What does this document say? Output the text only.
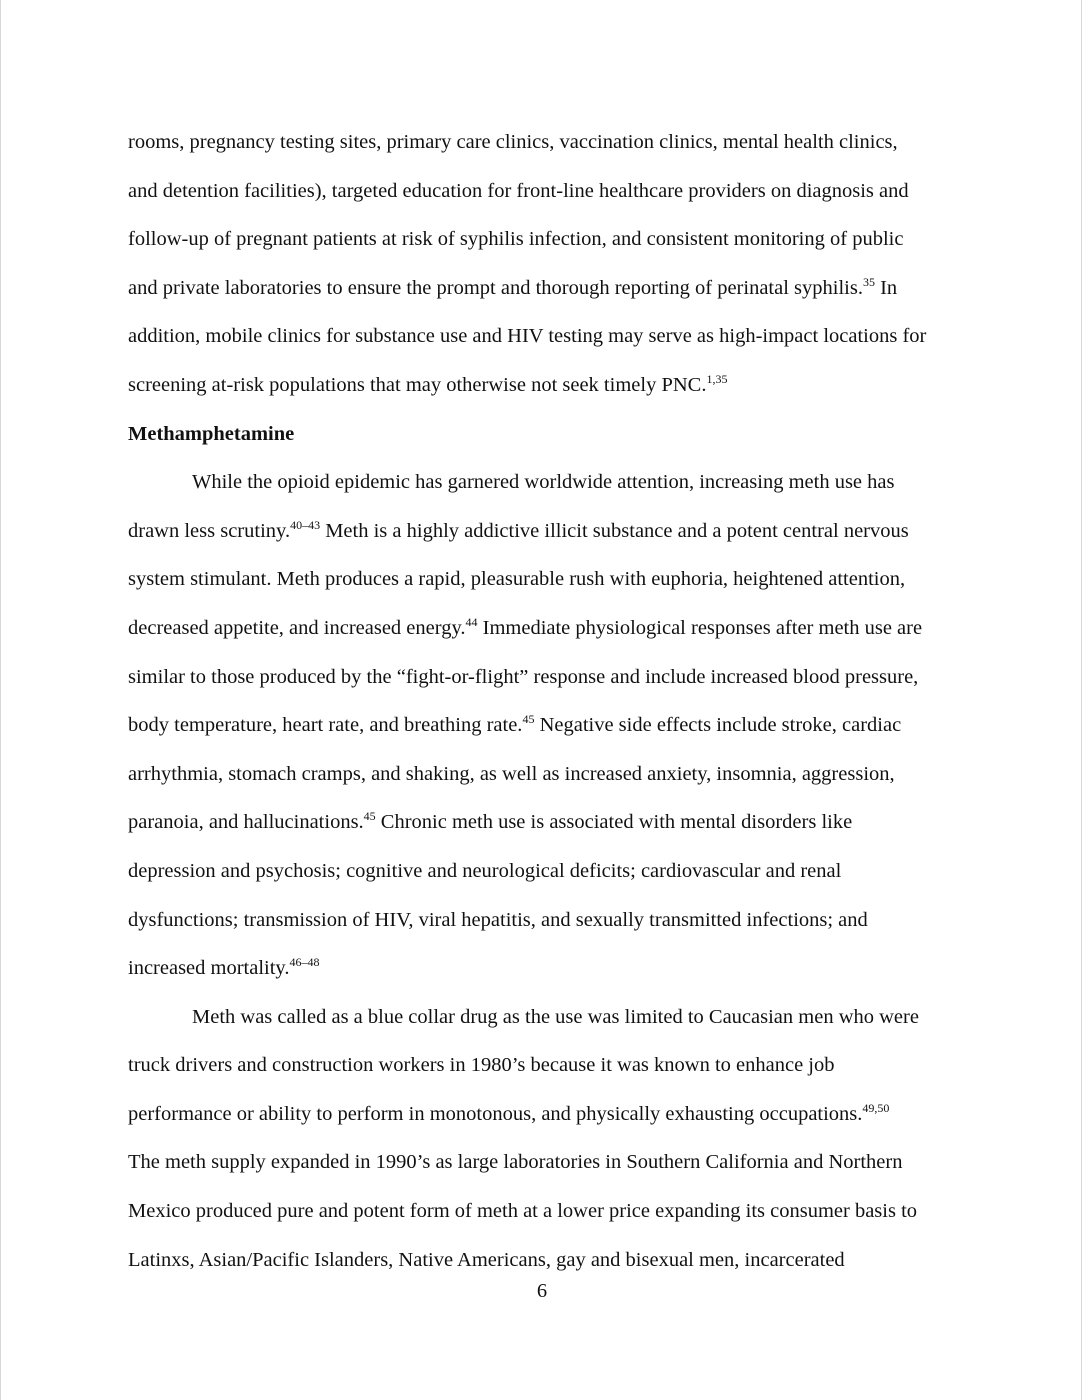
rooms, pregnancy testing sites, primary care clinics, vaccination clinics, mental health clinics,
and detention facilities), targeted education for front-line healthcare providers on diagnosis and
follow-up of pregnant patients at risk of syphilis infection, and consistent monitoring of public
and private laboratories to ensure the prompt and thorough reporting of perinatal syphilis.$^{35}$ In
addition, mobile clinics for substance use and HIV testing may serve as high-impact locations for
screening at-risk populations that may otherwise not seek timely PNC.$^{1,35}$
Methamphetamine
While the opioid epidemic has garnered worldwide attention, increasing meth use has
drawn less scrutiny.$^{40-43}$ Meth is a highly addictive illicit substance and a potent central nervous
system stimulant. Meth produces a rapid, pleasurable rush with euphoria, heightened attention,
decreased appetite, and increased energy.$^{44}$ Immediate physiological responses after meth use are
similar to those produced by the “fight-or-flight” response and include increased blood pressure,
body temperature, heart rate, and breathing rate.$^{45}$ Negative side effects include stroke, cardiac
arrhythmia, stomach cramps, and shaking, as well as increased anxiety, insomnia, aggression,
paranoia, and hallucinations.$^{45}$ Chronic meth use is associated with mental disorders like
depression and psychosis; cognitive and neurological deficits; cardiovascular and renal
dysfunctions; transmission of HIV, viral hepatitis, and sexually transmitted infections; and
increased mortality.$^{46-48}$
Meth was called as a blue collar drug as the use was limited to Caucasian men who were
truck drivers and construction workers in 1980’s because it was known to enhance job
performance or ability to perform in monotonous, and physically exhausting occupations.$^{49,50}$
The meth supply expanded in 1990’s as large laboratories in Southern California and Northern
Mexico produced pure and potent form of meth at a lower price expanding its consumer basis to
Latinxs, Asian/Pacific Islanders, Native Americans, gay and bisexual men, incarcerated
6
